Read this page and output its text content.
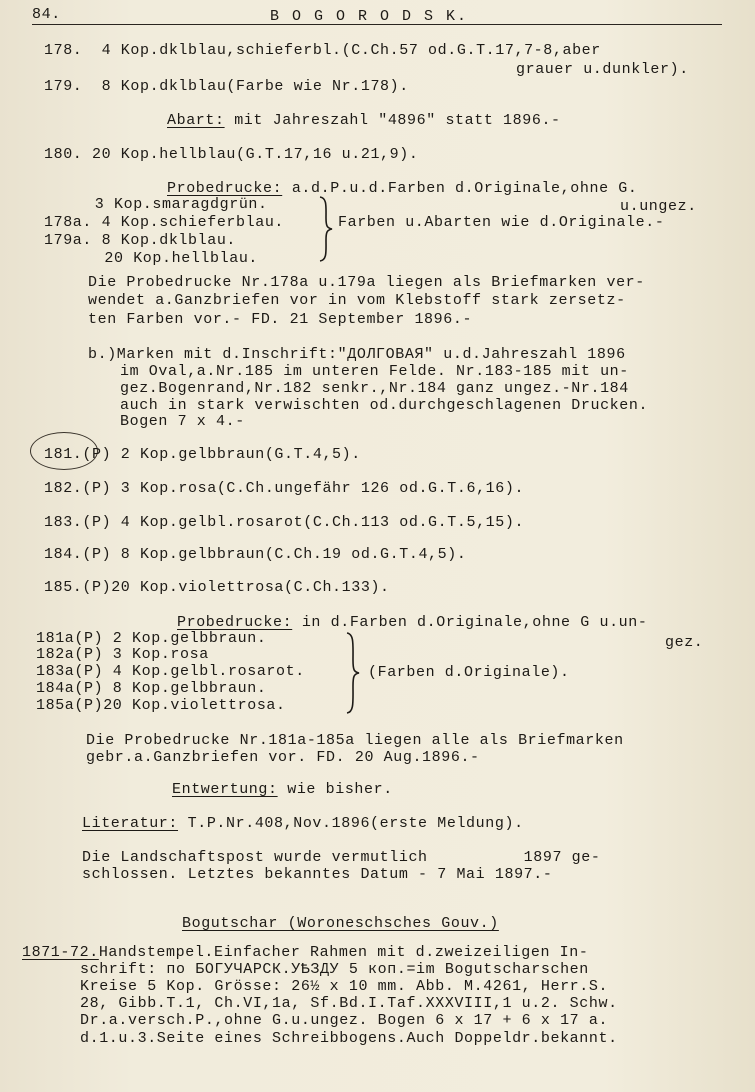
84.	B O G O R O D S K.
178.  4 Kop.dklblau,schieferbl.(C.Ch.57 od.G.T.17,7-8,aber
grauer u.dunkler).
179.  8 Kop.dklblau(Farbe wie Nr.178).
Abart: mit Jahreszahl "4896" statt 1896.-
180. 20 Kop.hellblau(G.T.17,16 u.21,9).
Probedrucke: a.d.P.u.d.Farben d.Originale,ohne G.
u.ungez.
3 Kop.smaragdgrün.
178a. 4 Kop.schieferblau.
179a. 8 Kop.dklblau.
20 Kop.hellblau.
Farben u.Abarten wie d.Originale.-
Die Probedrucke Nr.178a u.179a liegen als Briefmarken ver-
wendet a.Ganzbriefen vor in vom Klebstoff stark zersetz-
ten Farben vor.- FD. 21 September 1896.-
b.)Marken mit d.Inschrift:"ДОЛГОВАЯ" u.d.Jahreszahl 1896
im Oval,a.Nr.185 im unteren Felde. Nr.183-185 mit un-
gez.Bogenrand,Nr.182 senkr.,Nr.184 ganz ungez.-Nr.184
auch in stark verwischten od.durchgeschlagenen Drucken.
Bogen 7 x 4.-
181.(P) 2 Kop.gelbbraun(G.T.4,5).
182.(P) 3 Kop.rosa(C.Ch.ungefähr 126 od.G.T.6,16).
183.(P) 4 Kop.gelbl.rosarot(C.Ch.113 od.G.T.5,15).
184.(P) 8 Kop.gelbbraun(C.Ch.19 od.G.T.4,5).
185.(P)20 Kop.violettrosa(C.Ch.133).
Probedrucke: in d.Farben d.Originale,ohne G u.un-
gez.
181a(P) 2 Kop.gelbbraun.
182a(P) 3 Kop.rosa
183a(P) 4 Kop.gelbl.rosarot.
184a(P) 8 Kop.gelbbraun.
185a(P)20 Kop.violettrosa.
(Farben d.Originale).
Die Probedrucke Nr.181a-185a liegen alle als Briefmarken
gebr.a.Ganzbriefen vor. FD. 20 Aug.1896.-
Entwertung: wie bisher.
Literatur: T.P.Nr.408,Nov.1896(erste Meldung).
Die Landschaftspost wurde vermutlich          1897 ge-
schlossen. Letztes bekanntes Datum - 7 Mai 1897.-
Bogutschar (Woroneschsches Gouv.)
1871-72.Handstempel.Einfacher Rahmen mit d.zweizeiligen In-
schrift: по БОГУЧАРСК.УѢЗДУ 5 коп.=im Bogutscharschen
Kreise 5 Kop. Grösse: 26½ x 10 mm. Abb. M.4261, Herr.S.
28, Gibb.T.1, Ch.VI,1a, Sf.Bd.I.Taf.XXXVIII,1 u.2. Schw.
Dr.a.versch.P.,ohne G.u.ungez. Bogen 6 x 17 + 6 x 17 a.
d.1.u.3.Seite eines Schreibbogens.Auch Doppeldr.bekannt.
